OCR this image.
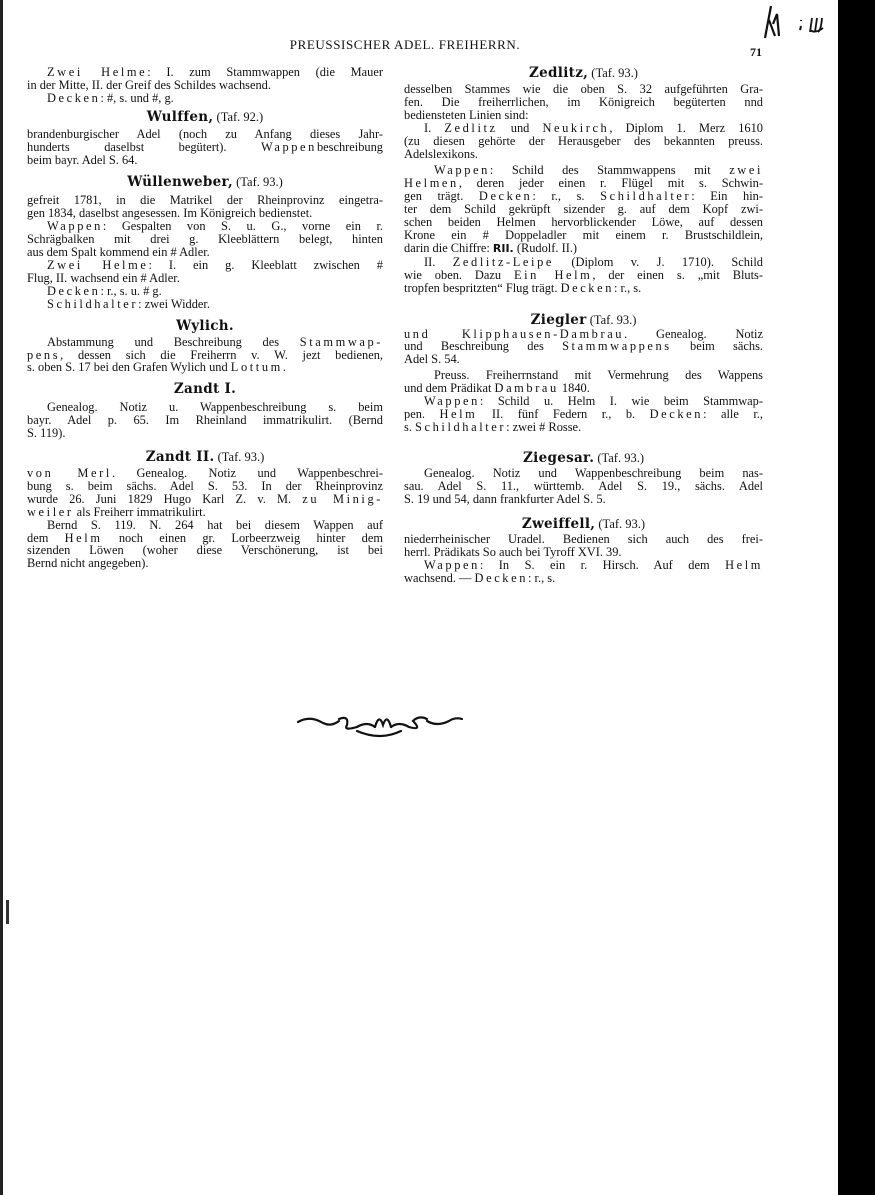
PREUSSISCHER ADEL. FREIHERRN.	71
Zwei Helme: I. zum Stammwappen (die Mauer
in der Mitte, II. der Greif des Schildes wachsend.
Decken: #, s. und #, g.
Wulffen, (Taf. 92.)
brandenburgischer Adel (noch zu Anfang dieses Jahr-
hunderts daselbst begütert). Wappenbeschreibung
beim bayr. Adel S. 64.
Wüllenweber, (Taf. 93.)
gefreit 1781, in die Matrikel der Rheinprovinz eingetra-
gen 1834, daselbst angesessen. Im Königreich bedienstet.
Wappen: Gespalten von S. u. G., vorne ein r.
Schrägbalken mit drei g. Kleeblättern belegt, hinten
aus dem Spalt kommend ein # Adler.
Zwei Helme: I. ein g. Kleeblatt zwischen #
Flug, II. wachsend ein # Adler.
Decken: r., s. u. # g.
Schildhalter: zwei Widder.
Wylich.
Abstammung und Beschreibung des Stammwap-
pens, dessen sich die Freiherrn v. W. jezt bedienen,
s. oben S. 17 bei den Grafen Wylich und Lottum.
Zandt I.
Genealog. Notiz u. Wappenbeschreibung s. beim
bayr. Adel p. 65. Im Rheinland immatrikulirt. (Bernd
S. 119).
Zandt II. (Taf. 93.)
von Merl. Genealog. Notiz und Wappenbeschrei-
bung s. beim sächs. Adel S. 53. In der Rheinprovinz
wurde 26. Juni 1829 Hugo Karl Z. v. M. zu Minig-
weiler als Freiherr immatrikulirt.
Bernd S. 119. N. 264 hat bei diesem Wappen auf
dem Helm noch einen gr. Lorbeerzweig hinter dem
sizenden Löwen (woher diese Verschönerung, ist bei
Bernd nicht angegeben).
Zedlitz, (Taf. 93.)
desselben Stammes wie die oben S. 32 aufgeführten Gra-
fen. Die freiherrlichen, im Königreich begüterten nnd
bediensteten Linien sind:
I. Zedlitz und Neukirch, Diplom 1. Merz 1610
(zu diesen gehörte der Herausgeber des bekannten preuss.
Adelslexikons.
Wappen: Schild des Stammwappens mit zwei
Helmen, deren jeder einen r. Flügel mit s. Schwin-
gen trägt. Decken: r., s. Schildhalter: Ein hin-
ter dem Schild gekrüpft sizender g. auf dem Kopf zwi-
schen beiden Helmen hervorblickender Löwe, auf dessen
Krone ein # Doppeladler mit einem r. Brustschildlein,
darin die Chiffre: RII. (Rudolf. II.)
II. Zedlitz-Leipe (Diplom v. J. 1710). Schild
wie oben. Dazu Ein Helm, der einen s. „mit Bluts-
tropfen bespritzten“ Flug trägt. Decken: r., s.
Ziegler (Taf. 93.)
und Klipphausen-Dambrau. Genealog. Notiz
und Beschreibung des Stammwappens beim sächs.
Adel S. 54.
Preuss. Freiherrnstand mit Vermehrung des Wappens
und dem Prädikat Dambrau 1840.
Wappen: Schild u. Helm I. wie beim Stammwap-
pen. Helm II. fünf Federn r., b. Decken: alle r.,
s. Schildhalter: zwei # Rosse.
Ziegesar. (Taf. 93.)
Genealog. Notiz und Wappenbeschreibung beim nas-
sau. Adel S. 11., württemb. Adel S. 19., sächs. Adel
S. 19 und 54, dann frankfurter Adel S. 5.
Zweiffell, (Taf. 93.)
niederrheinischer Uradel. Bedienen sich auch des frei-
herrl. Prädikats So auch bei Tyroff XVI. 39.
Wappen: In S. ein r. Hirsch. Auf dem Helm
wachsend. — Decken: r., s.
